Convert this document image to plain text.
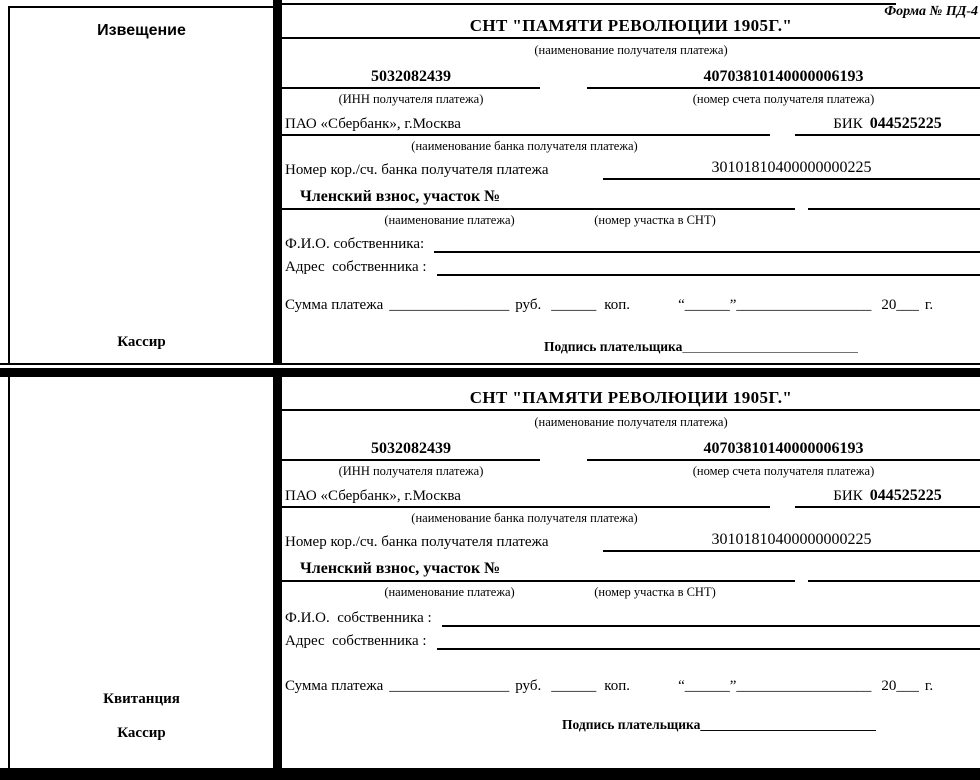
Извещение
Кассир
Форма № ПД-4
СНТ "ПАМЯТИ РЕВОЛЮЦИИ 1905Г."
(наименование получателя платежа)
5032082439	40703810140000006193
(ИНН получателя платежа)	(номер счета получателя платежа)
ПАО «Сбербанк», г.Москва	БИК 044525225
(наименование банка получателя платежа)
Номер кор./сч. банка получателя платежа	30101810400000000225
Членский взнос, участок №
(наименование платежа)	(номер участка в СНТ)
Ф.И.О. собственника:
Адрес  собственника :
Сумма платежа ________________ руб. ______ коп.	“ ______ ” __________________ 20 ___ г.
Подпись плательщика __________________________
Квитанция
Кассир
СНТ "ПАМЯТИ РЕВОЛЮЦИИ 1905Г."
(наименование получателя платежа)
5032082439	40703810140000006193
(ИНН получателя платежа)	(номер счета получателя платежа)
ПАО «Сбербанк», г.Москва	БИК 044525225
(наименование банка получателя платежа)
Номер кор./сч. банка получателя платежа	30101810400000000225
Членский взнос, участок №
(наименование платежа)	(номер участка в СНТ)
Ф.И.О.  собственника :
Адрес  собственника :
Сумма платежа ________________ руб. ______ коп.	“ ______ ” __________________ 20 ___ г.
Подпись плательщика __________________________
